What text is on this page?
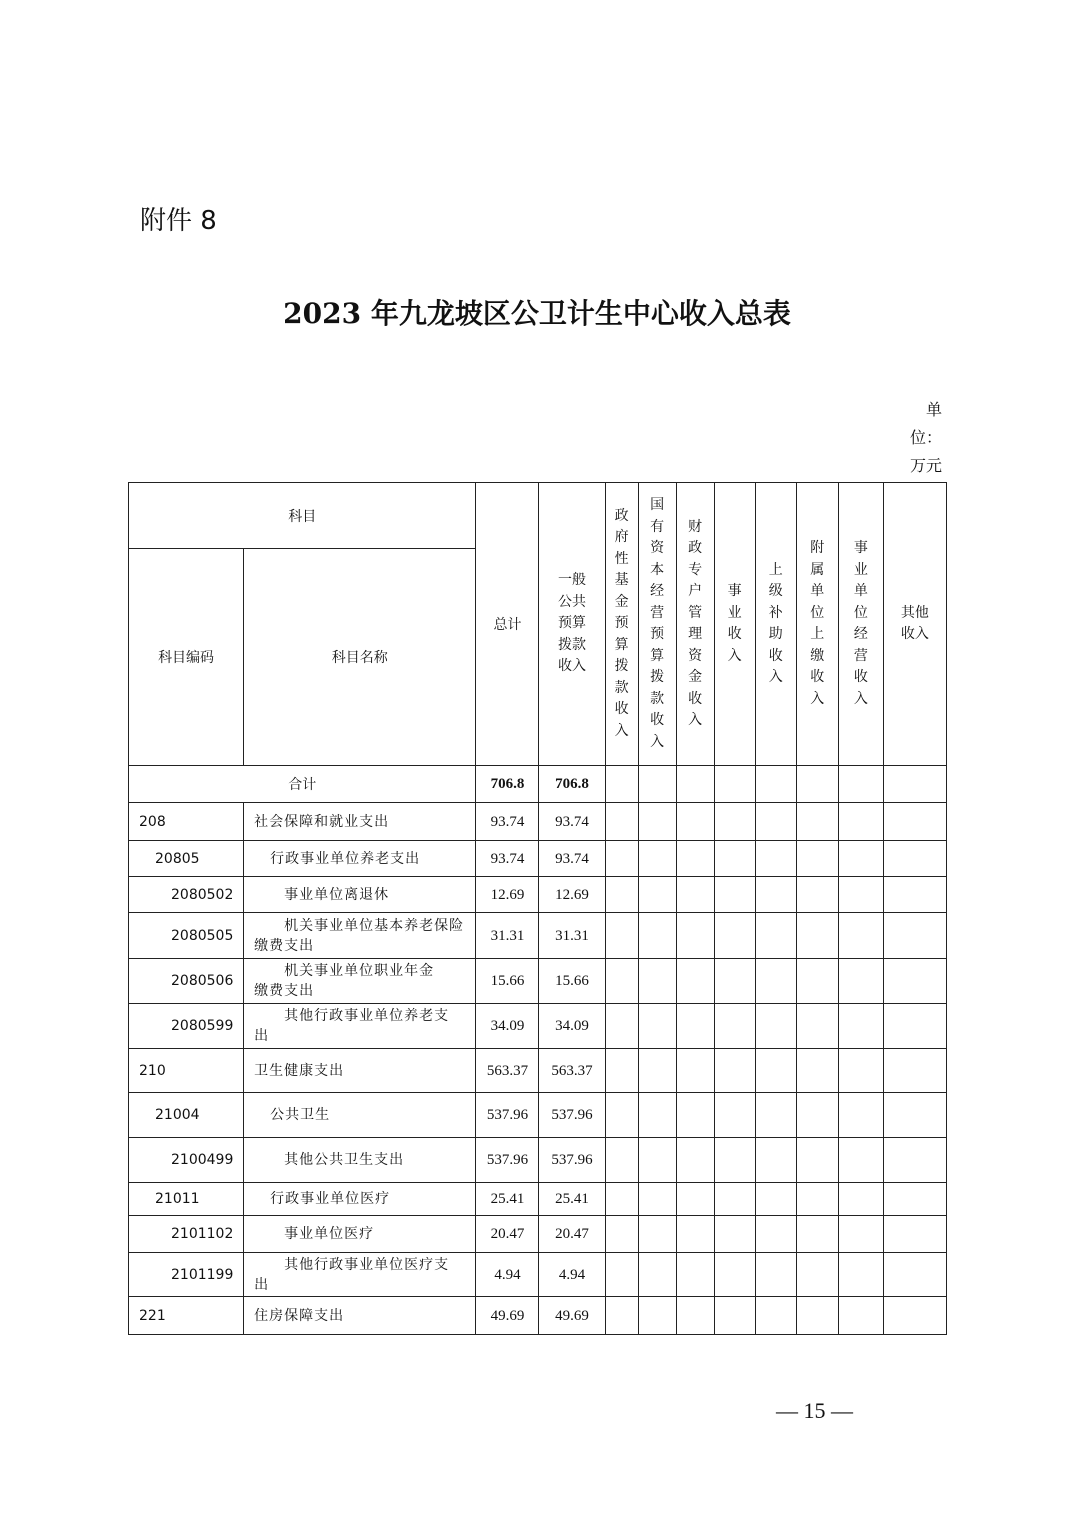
附件 8
2023 年九龙坡区公卫计生中心收入总表
单
位：
万元
科目		总计	一般公共预算拨款收入	政府性基金预算拨款收入	国有资本经营预算拨款收入	财政专户管理资金收入	事业收入	上级补助收入	附属单位上缴收入	事业单位经营收入	其他收入
科目编码	科目名称										
合计		706.8	706.8								
208	社会保障和就业支出	93.74	93.74								
20805	行政事业单位养老支出	93.74	93.74								
2080502	事业单位离退休	12.69	12.69								
2080505	机关事业单位基本养老保险缴费支出	31.31	31.31								
2080506	机关事业单位职业年金缴费支出	15.66	15.66								
2080599	其他行政事业单位养老支出	34.09	34.09								
210	卫生健康支出	563.37	563.37								
21004	公共卫生	537.96	537.96								
2100499	其他公共卫生支出	537.96	537.96								
21011	行政事业单位医疗	25.41	25.41								
2101102	事业单位医疗	20.47	20.47								
2101199	其他行政事业单位医疗支出	4.94	4.94								
221	住房保障支出	49.69	49.69								
— 15 —
